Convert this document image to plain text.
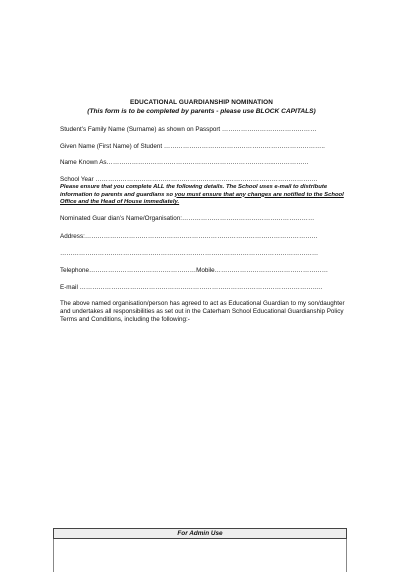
EDUCATIONAL GUARDIANSHIP NOMINATION
(This form is to be completed by parents - please use BLOCK CAPITALS)
Student’s Family Name (Surname) as shown on Passport ………………………………………
Given Name (First Name) of Student …………………………………………………………………..
Name Known As……………………………………………………………………....……………
School Year …………………………………………………………………………………………….
Please ensure that you complete ALL the following details. The School uses e-mail to distribute information to parents and guardians so you must ensure that any changes are notified to the School Office and the Head of House immediately.
Nominated Guar dian’s Name/Organisation:………………………………………………………
Address:…………………………………………………………………………………………………
……………………………………………………………………………………………………………
Telephone……………………………………………Mobile………………………………………………
E-mail ……………………………………………………………………………………………………..
The above named organisation/person has agreed to act as Educational Guardian to my son/daughter and undertakes all responsibilities as set out in the Caterham School Educational Guardianship Policy Terms and Conditions, including the following:-
For Admin Use
